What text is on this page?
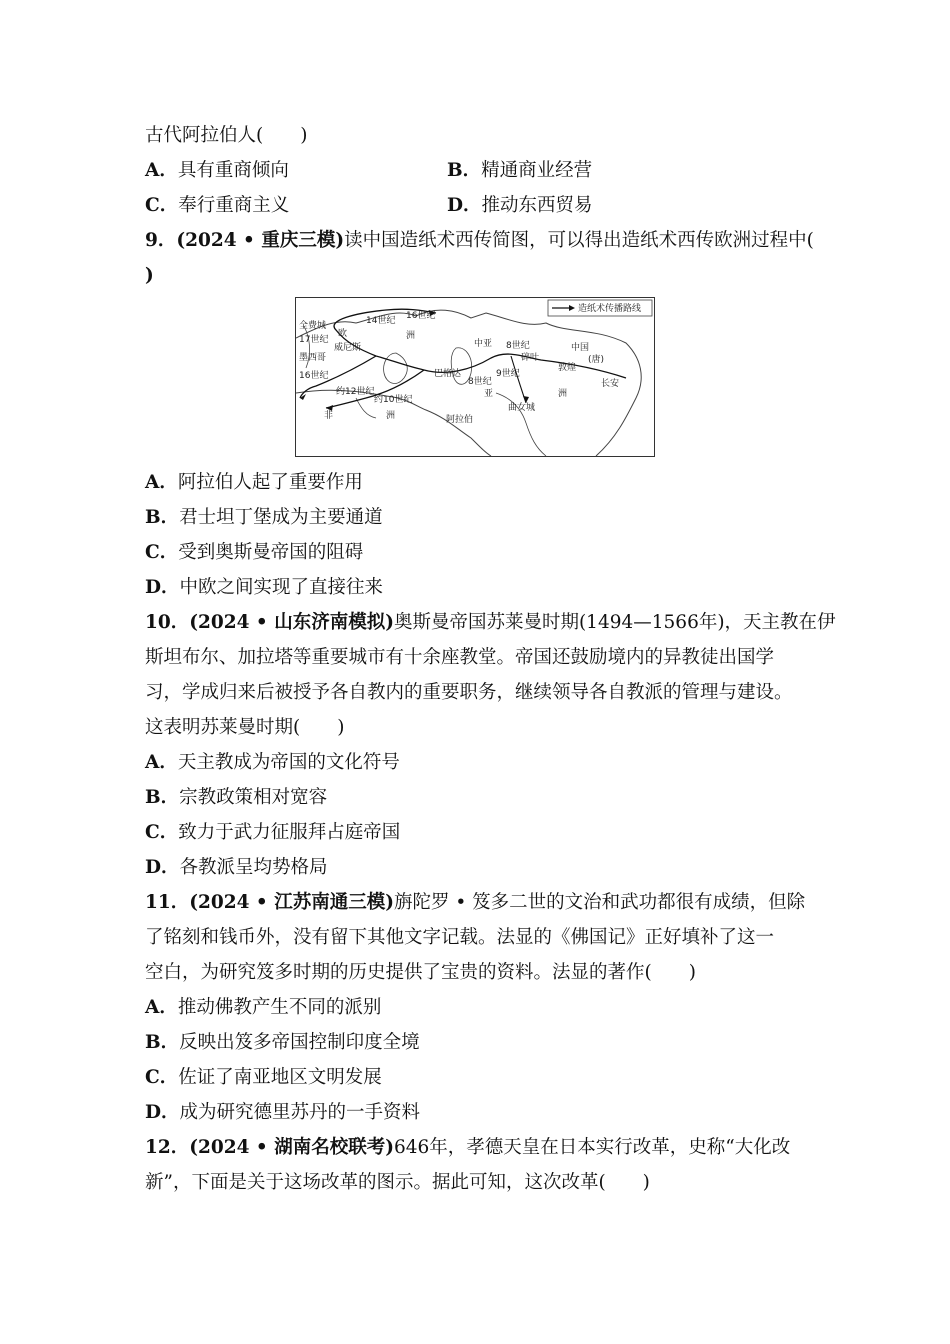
古代阿拉伯人(　　)
A．具有重商倾向	B．精通商业经营
C．奉行重商主义	D．推动东西贸易
9．(2024 • 重庆三模)读中国造纸术西传简图，可以得出造纸术西传欧洲过程中(
)
造纸术传播路线
16世纪
14世纪
全费城
欧
17世纪
威尼斯
洲
墨西哥
16世纪
约12世纪
约10世纪
非	洲
中亚 8世纪
碎叶
中国
(唐)
敦煌
长安
巴格达
8世纪
9世纪
亚	洲
曲女城
阿拉伯
A．阿拉伯人起了重要作用
B．君士坦丁堡成为主要通道
C．受到奥斯曼帝国的阻碍
D．中欧之间实现了直接往来
10．(2024 • 山东济南模拟)奥斯曼帝国苏莱曼时期(1494—1566年)，天主教在伊
斯坦布尔、加拉塔等重要城市有十余座教堂。帝国还鼓励境内的异教徒出国学
习，学成归来后被授予各自教内的重要职务，继续领导各自教派的管理与建设。
这表明苏莱曼时期(　　)
A．天主教成为帝国的文化符号
B．宗教政策相对宽容
C．致力于武力征服拜占庭帝国
D．各教派呈均势格局
11．(2024 • 江苏南通三模)旃陀罗 • 笈多二世的文治和武功都很有成绩，但除
了铭刻和钱币外，没有留下其他文字记载。法显的《佛国记》正好填补了这一
空白，为研究笈多时期的历史提供了宝贵的资料。法显的著作(　　)
A．推动佛教产生不同的派别
B．反映出笈多帝国控制印度全境
C．佐证了南亚地区文明发展
D．成为研究德里苏丹的一手资料
12．(2024 • 湖南名校联考)646年，孝德天皇在日本实行改革，史称“大化改
新”，下面是关于这场改革的图示。据此可知，这次改革(　　)
